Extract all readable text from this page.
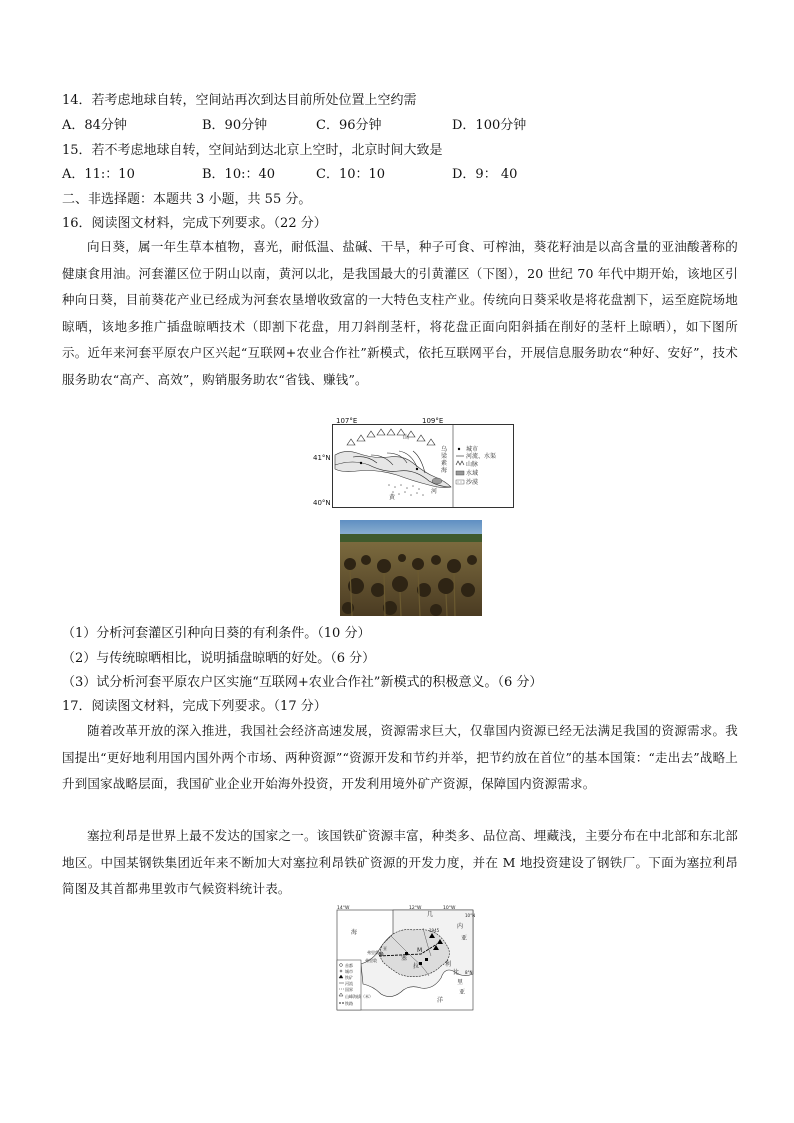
14．若考虑地球自转，空间站再次到达目前所处位置上空约需
A．84分钟	B．90分钟	C．96分钟	D．100分钟
15．若不考虑地球自转，空间站到达北京上空时，北京时间大致是
A．11:：10	B．10:：40	C．10：10	D．9： 40
二、非选择题：本题共 3 小题，共 55 分。
16．阅读图文材料，完成下列要求。（22 分）
向日葵，属一年生草本植物，喜光，耐低温、盐碱、干旱，种子可食、可榨油，葵花籽油是以高含量的亚油酸著称的健康食用油。河套灌区位于阴山以南，黄河以北，是我国最大的引黄灌区（下图），20 世纪 70 年代中期开始，该地区引种向日葵，目前葵花产业已经成为河套农垦增收致富的一大特色支柱产业。传统向日葵采收是将花盘割下，运至庭院场地晾晒，该地多推广插盘晾晒技术（即割下花盘，用刀斜削茎杆，将花盘正面向阳斜插在削好的茎杆上晾晒），如下图所示。近年来河套平原农户区兴起“互联网+农业合作社”新模式，依托互联网平台，开展信息服务助农“种好、安好”，技术服务助农“高产、高效”，购销服务助农“省钱、赚钱”。
城市
河流、水渠
山脉
水域
沙漠
山
黄
河
乌
梁
素
海
107°E	109°E
41°N
40°N
（1）分析河套灌区引种向日葵的有利条件。（10 分）
（2）与传统晾晒相比，说明插盘晾晒的好处。（6 分）
（3）试分析河套平原农户区实施“互联网+农业合作社”新模式的积极意义。（6 分）
17．阅读图文材料，完成下列要求。（17 分）
随着改革开放的深入推进，我国社会经济高速发展，资源需求巨大，仅靠国内资源已经无法满足我国的资源需求。我国提出“更好地利用国内国外两个市场、两种资源”“资源开发和节约并举，把节约放在首位”的基本国策：“走出去”战略上升到国家战略层面，我国矿业企业开始海外投资，开发利用境外矿产资源，保障国内资源需求。
塞拉利昂是世界上最不发达的国家之一。该国铁矿资源丰富，种类多、品位高、埋藏浅，主要分布在中北部和东北部地区。中国某钢铁集团近年来不断加大对塞拉利昂铁矿资源的开发力度，并在 M 地投资建设了钢铁厂。下面为塞拉利昂简图及其首都弗里敦市气候资料统计表。
首都
城市
铁矿
河流
国界
山峰海拔（米）
铁路
海
洋
弗里敦
弗里敦
亚
几
内
亚
利
比
里
亚
塞
拉
M
1945
14°W	12°W	10°W
10°N
8°N
